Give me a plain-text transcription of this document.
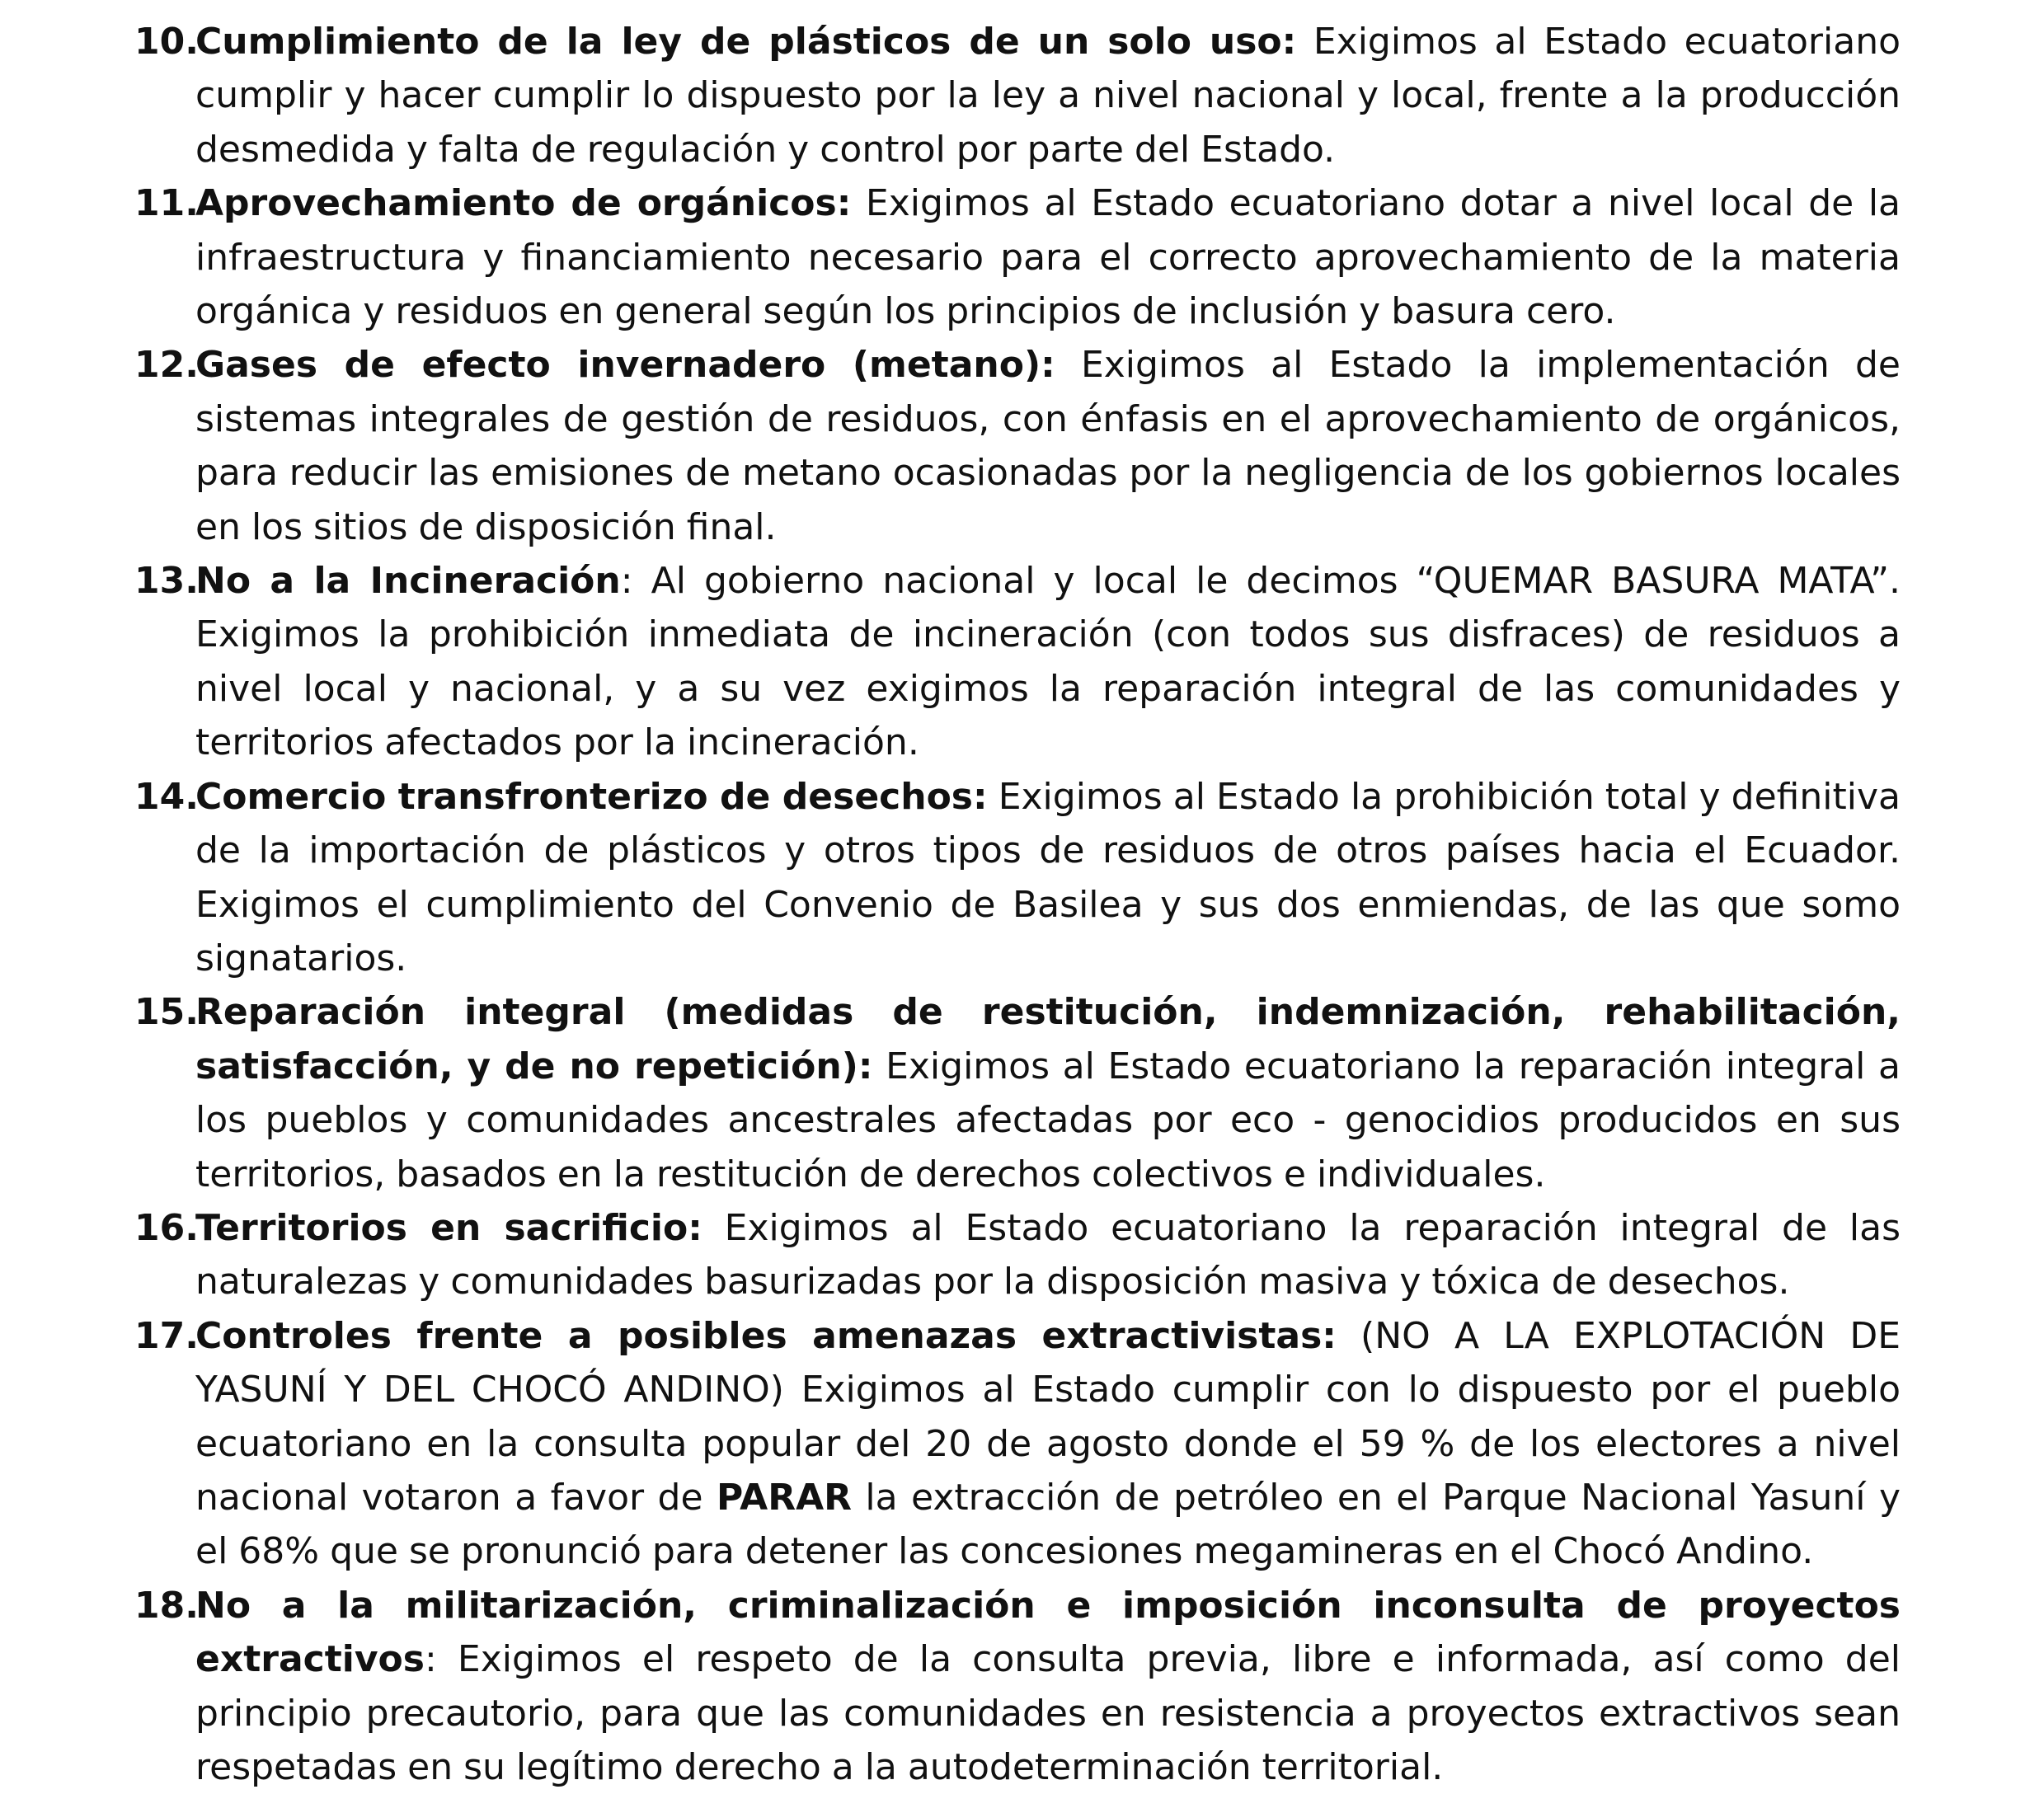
10.
Cumplimiento de la ley de plásticos de un solo uso: Exigimos al Estado ecuatoriano cumplir y hacer cumplir lo dispuesto por la ley a nivel nacional y local, frente a la producción desmedida y falta de regulación y control por parte del Estado.
11.
Aprovechamiento de orgánicos: Exigimos al Estado ecuatoriano dotar a nivel local de la infraestructura y financiamiento necesario para el correcto aprovechamiento de la materia orgánica y residuos en general según los principios de inclusión y basura cero.
12.
Gases de efecto invernadero (metano): Exigimos al Estado la implementación de sistemas integrales de gestión de residuos, con énfasis en el aprovechamiento de orgánicos, para reducir las emisiones de metano ocasionadas por la negligencia de los gobiernos locales en los sitios de disposición final.
13.
No a la Incineración: Al gobierno nacional y local le decimos “QUEMAR BASURA MATA”. Exigimos la prohibición inmediata de incineración (con todos sus disfraces) de residuos a nivel local y nacional, y a su vez exigimos la reparación integral de las comunidades y territorios afectados por la incineración.
14.
Comercio transfronterizo de desechos: Exigimos al Estado la prohibición total y definitiva de la importación de plásticos y otros tipos de residuos de otros países hacia el Ecuador. Exigimos el cumplimiento del Convenio de Basilea y sus dos enmiendas, de las que somo signatarios.
15.
Reparación integral (medidas de restitución, indemnización, rehabilitación, satisfacción, y de no repetición): Exigimos al Estado ecuatoriano la reparación integral a los pueblos y comunidades ancestrales afectadas por eco - genocidios producidos en sus territorios, basados en la restitución de derechos colectivos e individuales.
16.
Territorios en sacrificio: Exigimos al Estado ecuatoriano la reparación integral de las naturalezas y comunidades basurizadas por la disposición masiva y tóxica de desechos.
17.
Controles frente a posibles amenazas extractivistas: (NO A LA EXPLOTACIÓN DE YASUNÍ Y DEL CHOCÓ ANDINO) Exigimos al Estado cumplir con lo dispuesto por el pueblo ecuatoriano en la consulta popular del 20 de agosto donde el 59 % de los electores a nivel nacional votaron a favor de PARAR la extracción de petróleo en el Parque Nacional Yasuní y el 68% que se pronunció para detener las concesiones megamineras en el Chocó Andino.
18.
No a la militarización, criminalización e imposición inconsulta de proyectos extractivos: Exigimos el respeto de la consulta previa, libre e informada, así como del principio precautorio, para que las comunidades en resistencia a proyectos extractivos sean respetadas en su legítimo derecho a la autodeterminación territorial.
